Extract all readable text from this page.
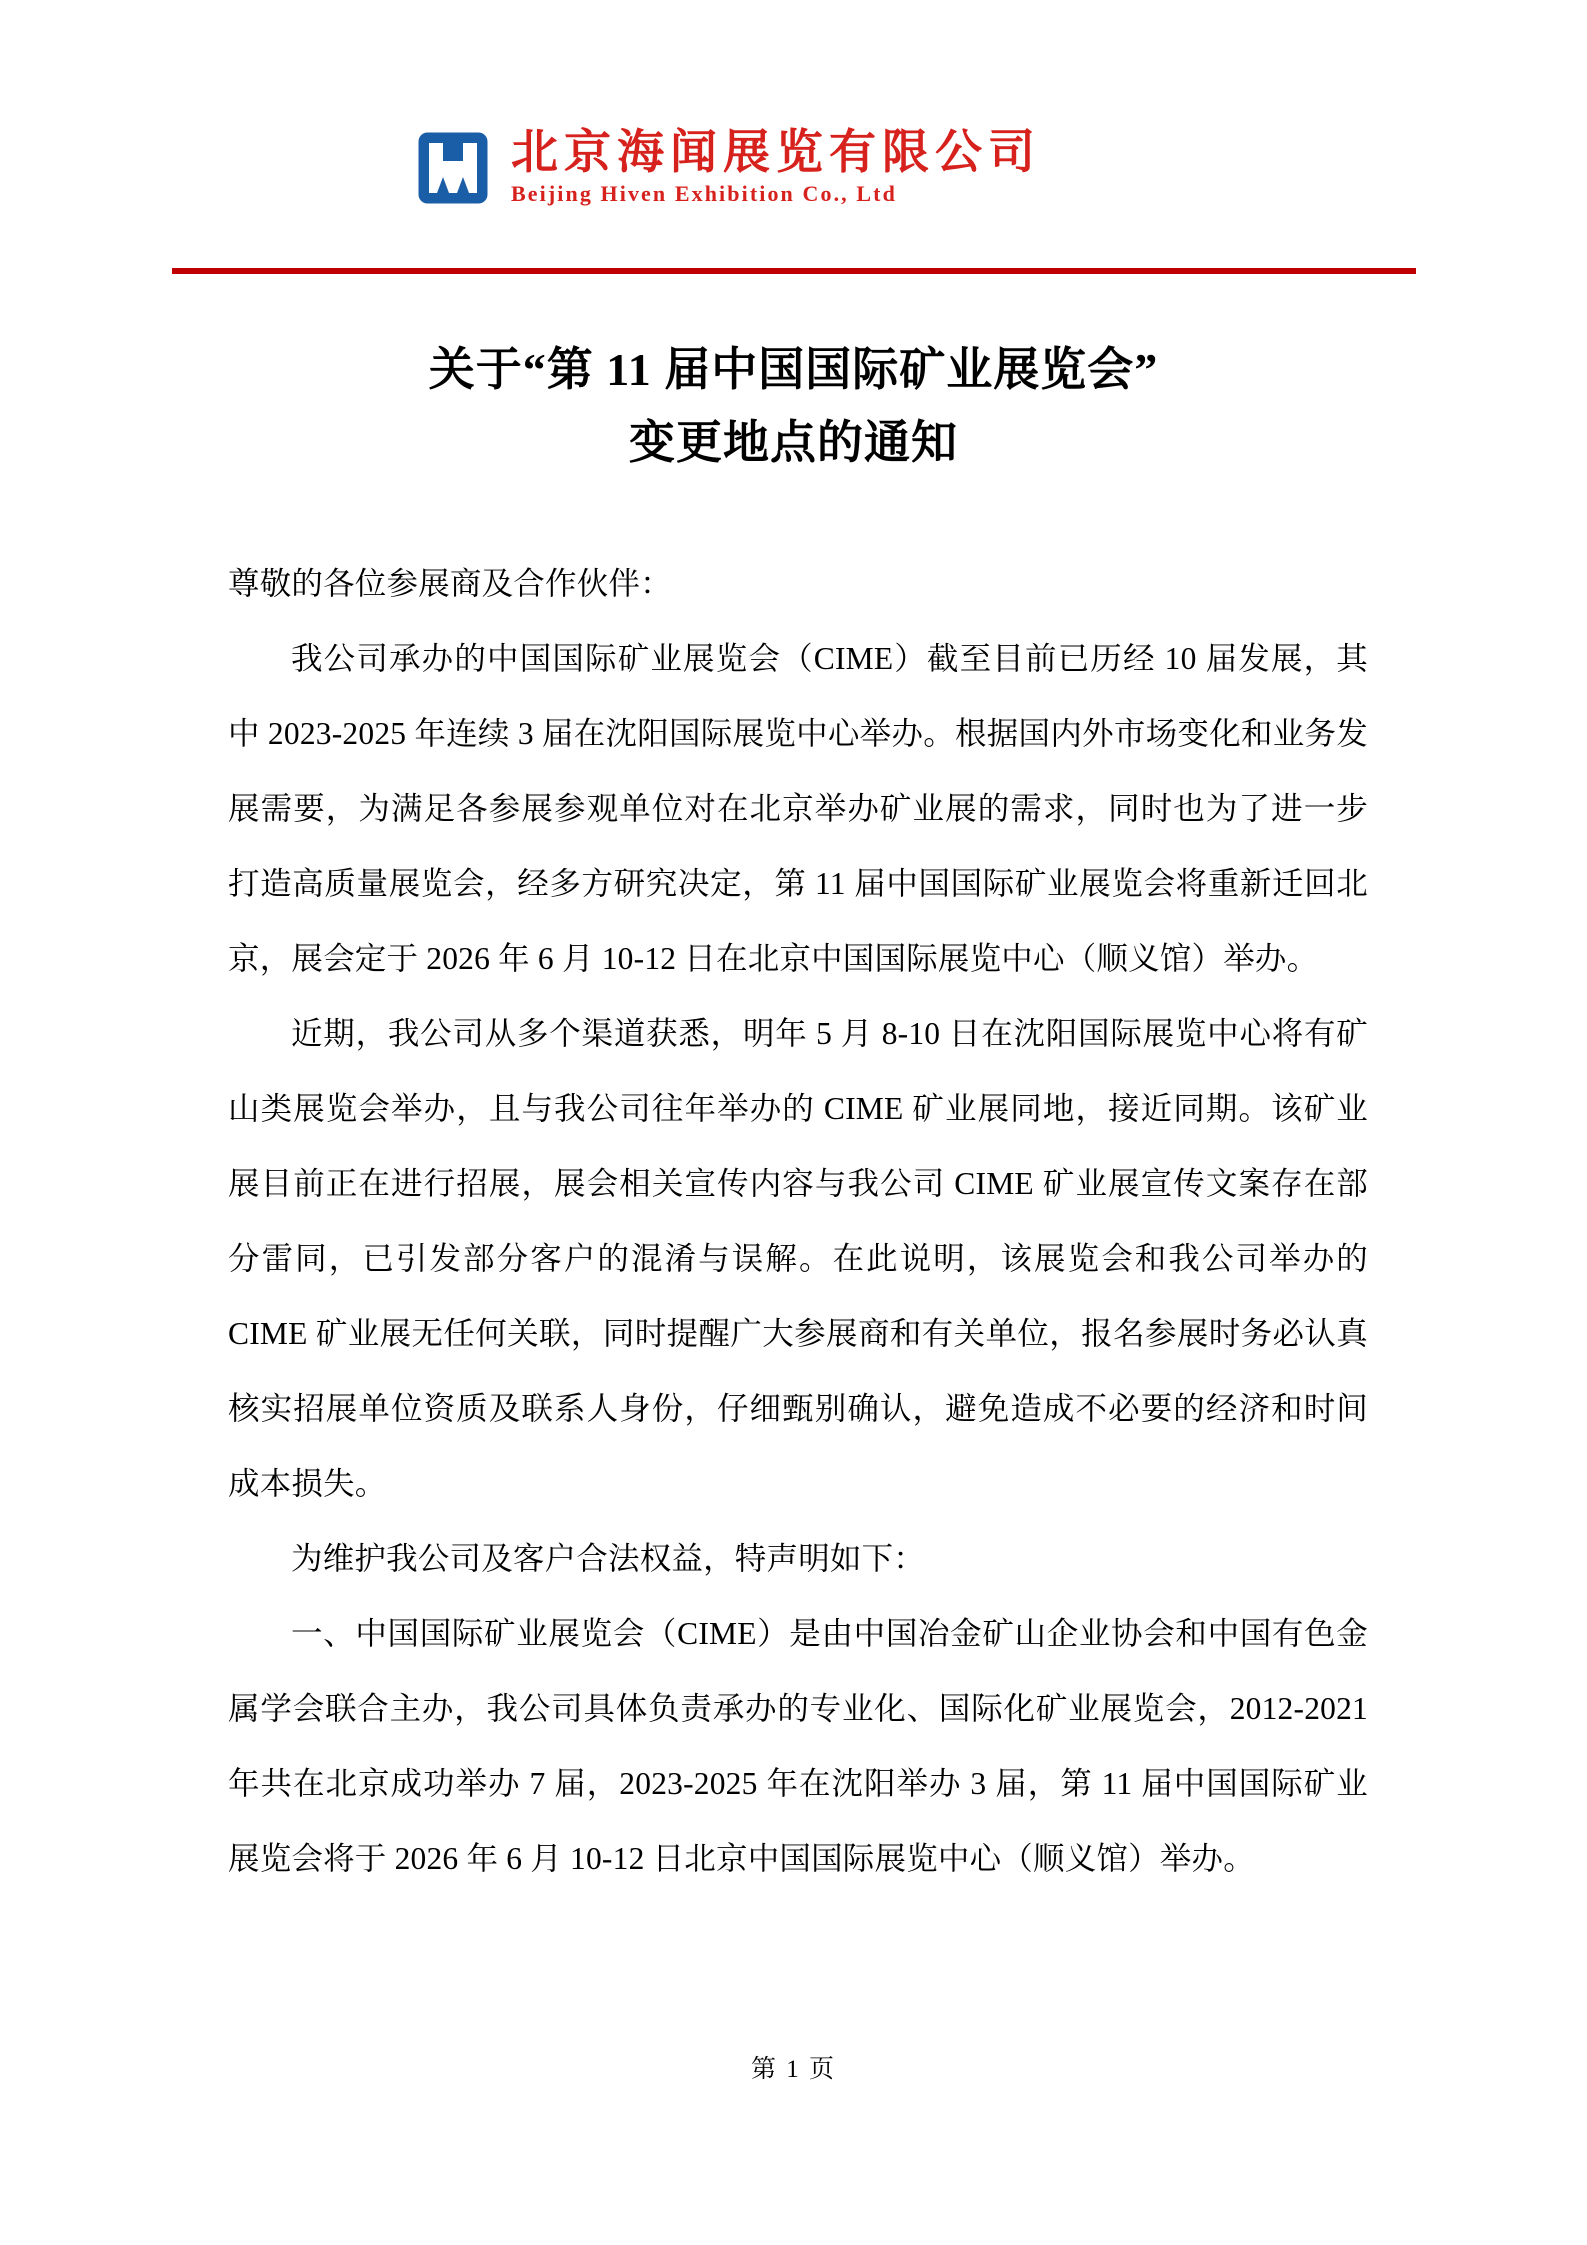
北京海闻展览有限公司
Beijing Hiven Exhibition Co., Ltd
关于“第 11 届中国国际矿业展览会”
变更地点的通知

尊敬的各位参展商及合作伙伴：

我公司承办的中国国际矿业展览会（CIME）截至目前已历经 10 届发展，其中 2023-2025 年连续 3 届在沈阳国际展览中心举办。根据国内外市场变化和业务发展需要，为满足各参展参观单位对在北京举办矿业展的需求，同时也为了进一步打造高质量展览会，经多方研究决定，第 11 届中国国际矿业展览会将重新迁回北京，展会定于 2026 年 6 月 10-12 日在北京中国国际展览中心（顺义馆）举办。

近期，我公司从多个渠道获悉，明年 5 月 8-10 日在沈阳国际展览中心将有矿山类展览会举办，且与我公司往年举办的 CIME 矿业展同地，接近同期。该矿业展目前正在进行招展，展会相关宣传内容与我公司 CIME 矿业展宣传文案存在部分雷同，已引发部分客户的混淆与误解。在此说明，该展览会和我公司举办的 CIME 矿业展无任何关联，同时提醒广大参展商和有关单位，报名参展时务必认真核实招展单位资质及联系人身份，仔细甄别确认，避免造成不必要的经济和时间成本损失。

为维护我公司及客户合法权益，特声明如下：

一、中国国际矿业展览会（CIME）是由中国冶金矿山企业协会和中国有色金属学会联合主办，我公司具体负责承办的专业化、国际化矿业展览会，2012-2021 年共在北京成功举办 7 届，2023-2025 年在沈阳举办 3 届，第 11 届中国国际矿业展览会将于 2026 年 6 月 10-12 日北京中国国际展览中心（顺义馆）举办。

第 1 页
